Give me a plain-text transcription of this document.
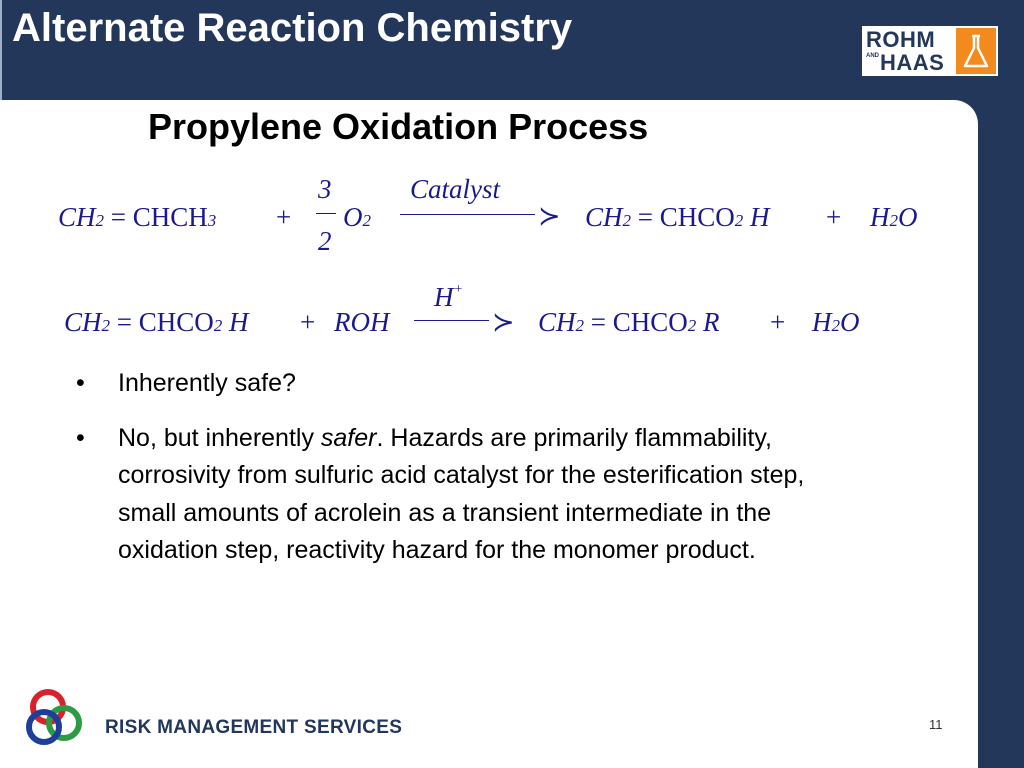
Alternate Reaction Chemistry	ROHM
AND HAAS
Propylene Oxidation Process
CH2 = CHCH3 +
3
2
O2
Catalyst
≻ CH2 = CHCO2 H + H2O
CH2 = CHCO2 H + ROH
H+
≻ CH2 = CHCO2 R + H2O
• Inherently safe?
• No, but inherently safer. Hazards are primarily flammability, corrosivity from sulfuric acid catalyst for the esterification step, small amounts of acrolein as a transient intermediate in the oxidation step, reactivity hazard for the monomer product.
RISK MANAGEMENT SERVICES	11
